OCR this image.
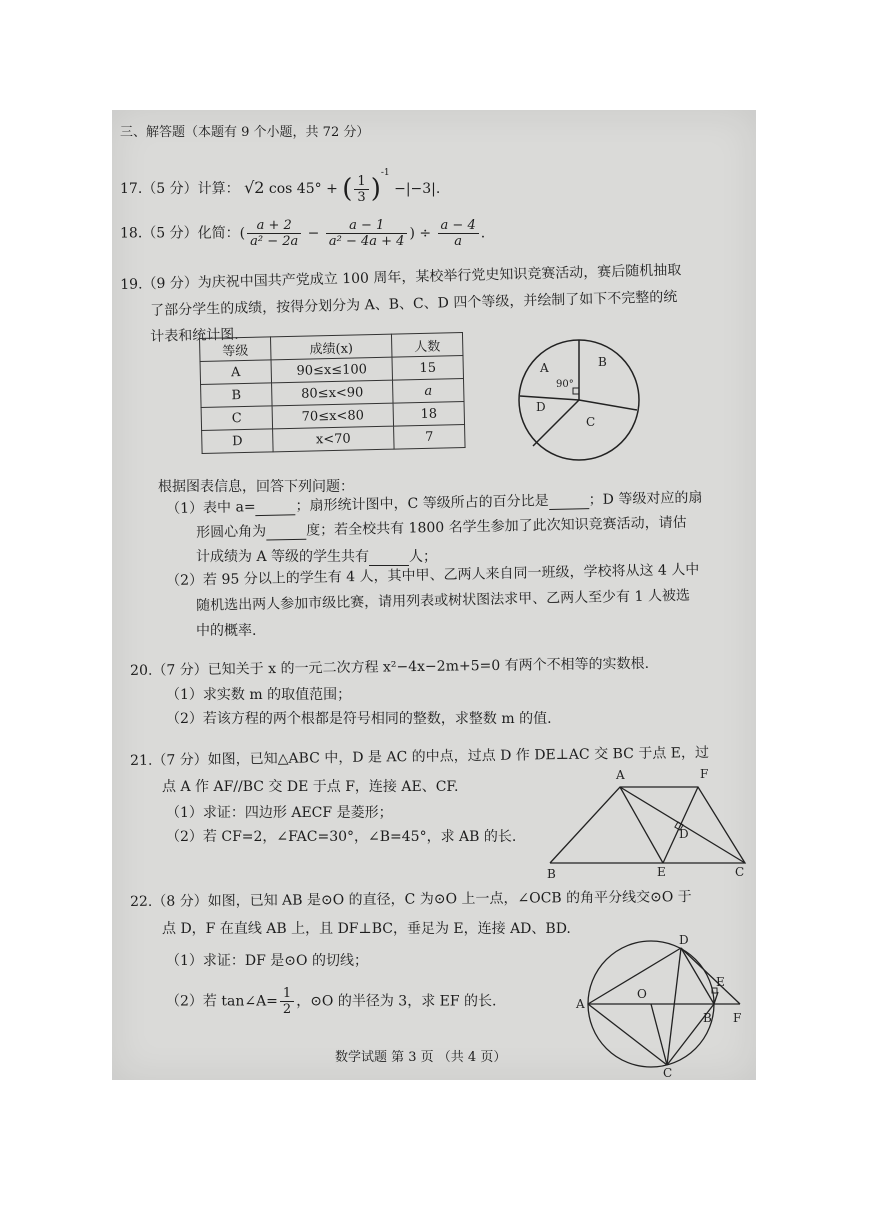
三、解答题（本题有 9 个小题，共 72 分）
17.（5 分）计算： √2 cos 45° + ( $\frac{1}{3} )^{-1} -|-3|$.
18.（5 分）化简：( $\frac{a + 2}{\text{a² − 2a}} - \frac{a - 1}{\text{a² − 4a + 4}}$ ) ÷ $\frac{a - 4}{a}$ .
19.（9 分）为庆祝中国共产党成立 100 周年，某校举行党史知识竞赛活动，赛后随机抽取
了部分学生的成绩，按得分划分为 A、B、C、D 四个等级，并绘制了如下不完整的统
计表和统计图.
等级	成绩(x)	人数
A	90≤x≤100	15
B	80≤x<90	a
C	70≤x<80	18
D	x<70	7
A	B
C
D
90°
根据图表信息，回答下列问题：
（1）表中 a=	；扇形统计图中，C 等级所占的百分比是	；D 等级对应的扇
形圆心角为	度；若全校共有 1800 名学生参加了此次知识竞赛活动，请估
计成绩为 A 等级的学生共有	人；
（2）若 95 分以上的学生有 4 人，其中甲、乙两人来自同一班级，学校将从这 4 人中
随机选出两人参加市级比赛，请用列表或树状图法求甲、乙两人至少有 1 人被选
中的概率.
20.（7 分）已知关于 x 的一元二次方程 x²−4x−2m+5=0 有两个不相等的实数根.
（1）求实数 m 的取值范围；
（2）若该方程的两个根都是符号相同的整数，求整数 m 的值.
21.（7 分）如图，已知△ABC 中，D 是 AC 的中点，过点 D 作 DE⊥AC 交 BC 于点 E，过
点 A 作 AF//BC 交 DE 于点 F，连接 AE、CF.
（1）求证：四边形 AECF 是菱形；
（2）若 CF=2，∠FAC=30°，∠B=45°，求 AB 的长.
A	F
D
B	E	C
22.（8 分）如图，已知 AB 是⊙O 的直径，C 为⊙O 上一点，∠OCB 的角平分线交⊙O 于
点 D，F 在直线 AB 上，且 DF⊥BC，垂足为 E，连接 AD、BD.
（1）求证：DF 是⊙O 的切线；
（2）若 tan∠A= $\frac{1}{2}$ ，⊙O 的半径为 3，求 EF 的长.
D
E
A
O
B F
C
数学试题 第 3 页 （共 4 页）
